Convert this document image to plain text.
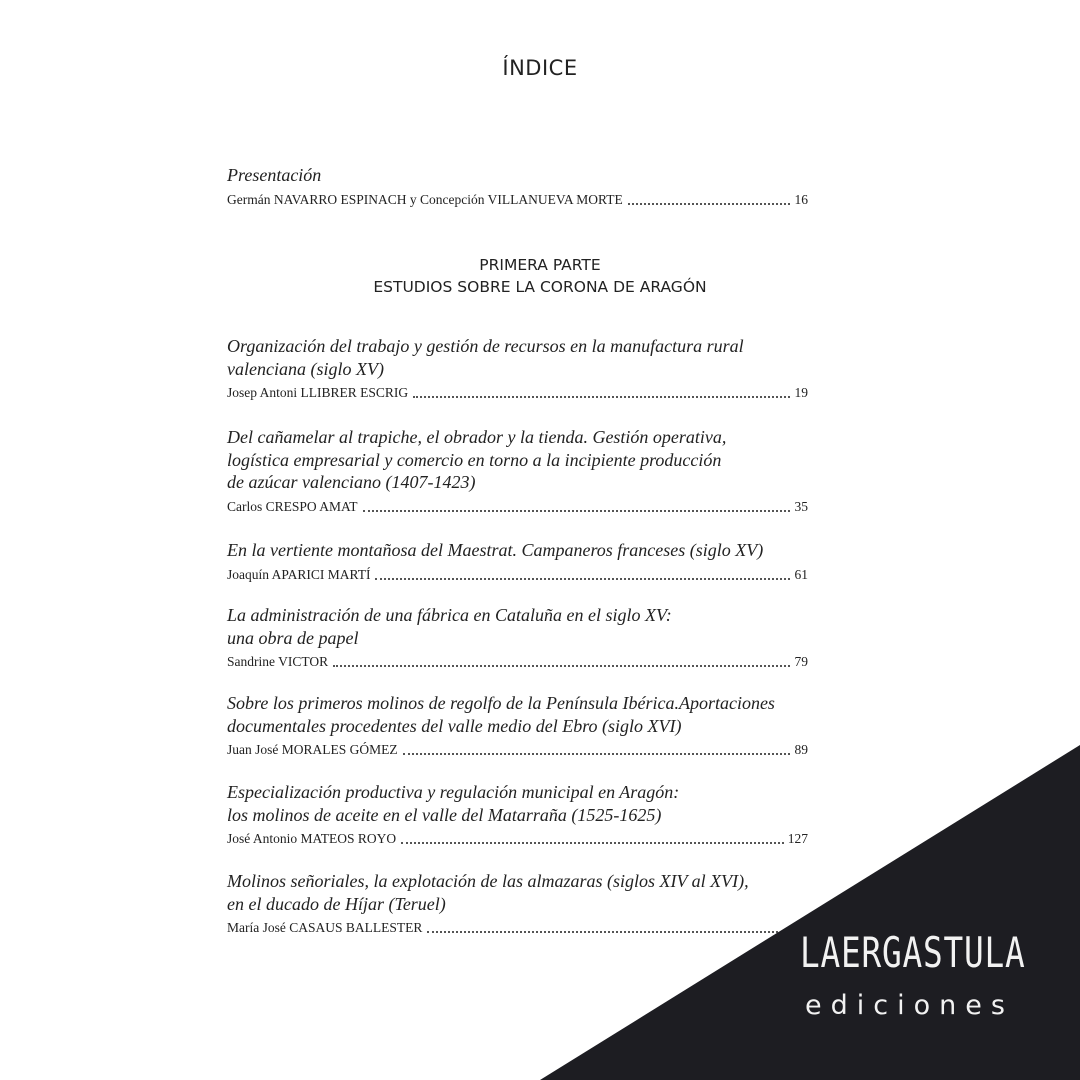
ÍNDICE
Presentación
Germán NAVARRO ESPINACH y Concepción VILLANUEVA MORTE	16
PRIMERA PARTE
ESTUDIOS SOBRE LA CORONA DE ARAGÓN
Organización del trabajo y gestión de recursos en la manufactura rural
valenciana (siglo XV)
Josep Antoni LLIBRER ESCRIG	19
Del cañamelar al trapiche, el obrador y la tienda. Gestión operativa,
logística empresarial y comercio en torno a la incipiente producción
de azúcar valenciano (1407-1423)
Carlos CRESPO AMAT	35
En la vertiente montañosa del Maestrat. Campaneros franceses (siglo XV)
Joaquín APARICI MARTÍ	61
La administración de una fábrica en Cataluña en el siglo XV:
una obra de papel
Sandrine VICTOR	79
Sobre los primeros molinos de regolfo de la Península Ibérica.Aportaciones
documentales procedentes del valle medio del Ebro (siglo XVI)
Juan José MORALES GÓMEZ	89
Especialización productiva y regulación municipal en Aragón:
los molinos de aceite en el valle del Matarraña (1525-1625)
José Antonio MATEOS ROYO	127
Molinos señoriales, la explotación de las almazaras (siglos XIV al XVI),
en el ducado de Híjar (Teruel)
María José CASAUS BALLESTER
LAERGASTULA
ediciones
